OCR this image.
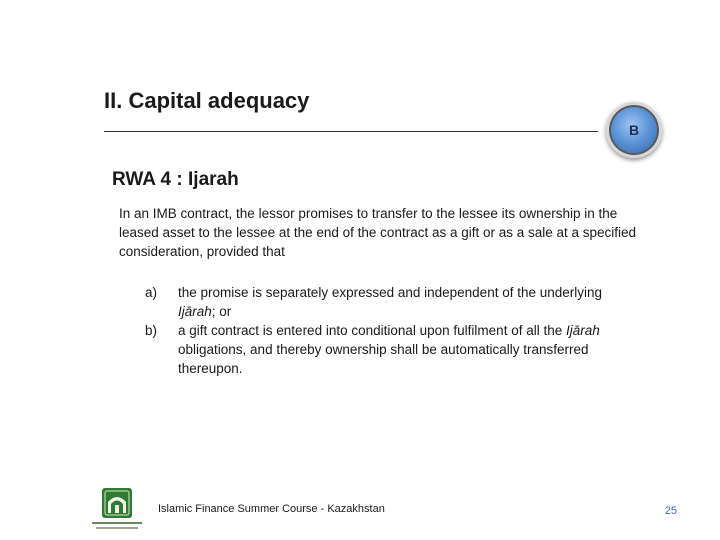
II. Capital adequacy
B
RWA 4 : Ijarah

In an IMB contract, the lessor promises to transfer to the lessee its ownership in the leased asset to the lessee at the end of the contract as a gift or as a sale at a specified consideration, provided that

a) the promise is separately expressed and independent of the underlying Ijārah; or
b) a gift contract is entered into conditional upon fulfilment of all the Ijārah obligations, and thereby ownership shall be automatically transferred thereupon.
Islamic Finance Summer Course - Kazakhstan	25
